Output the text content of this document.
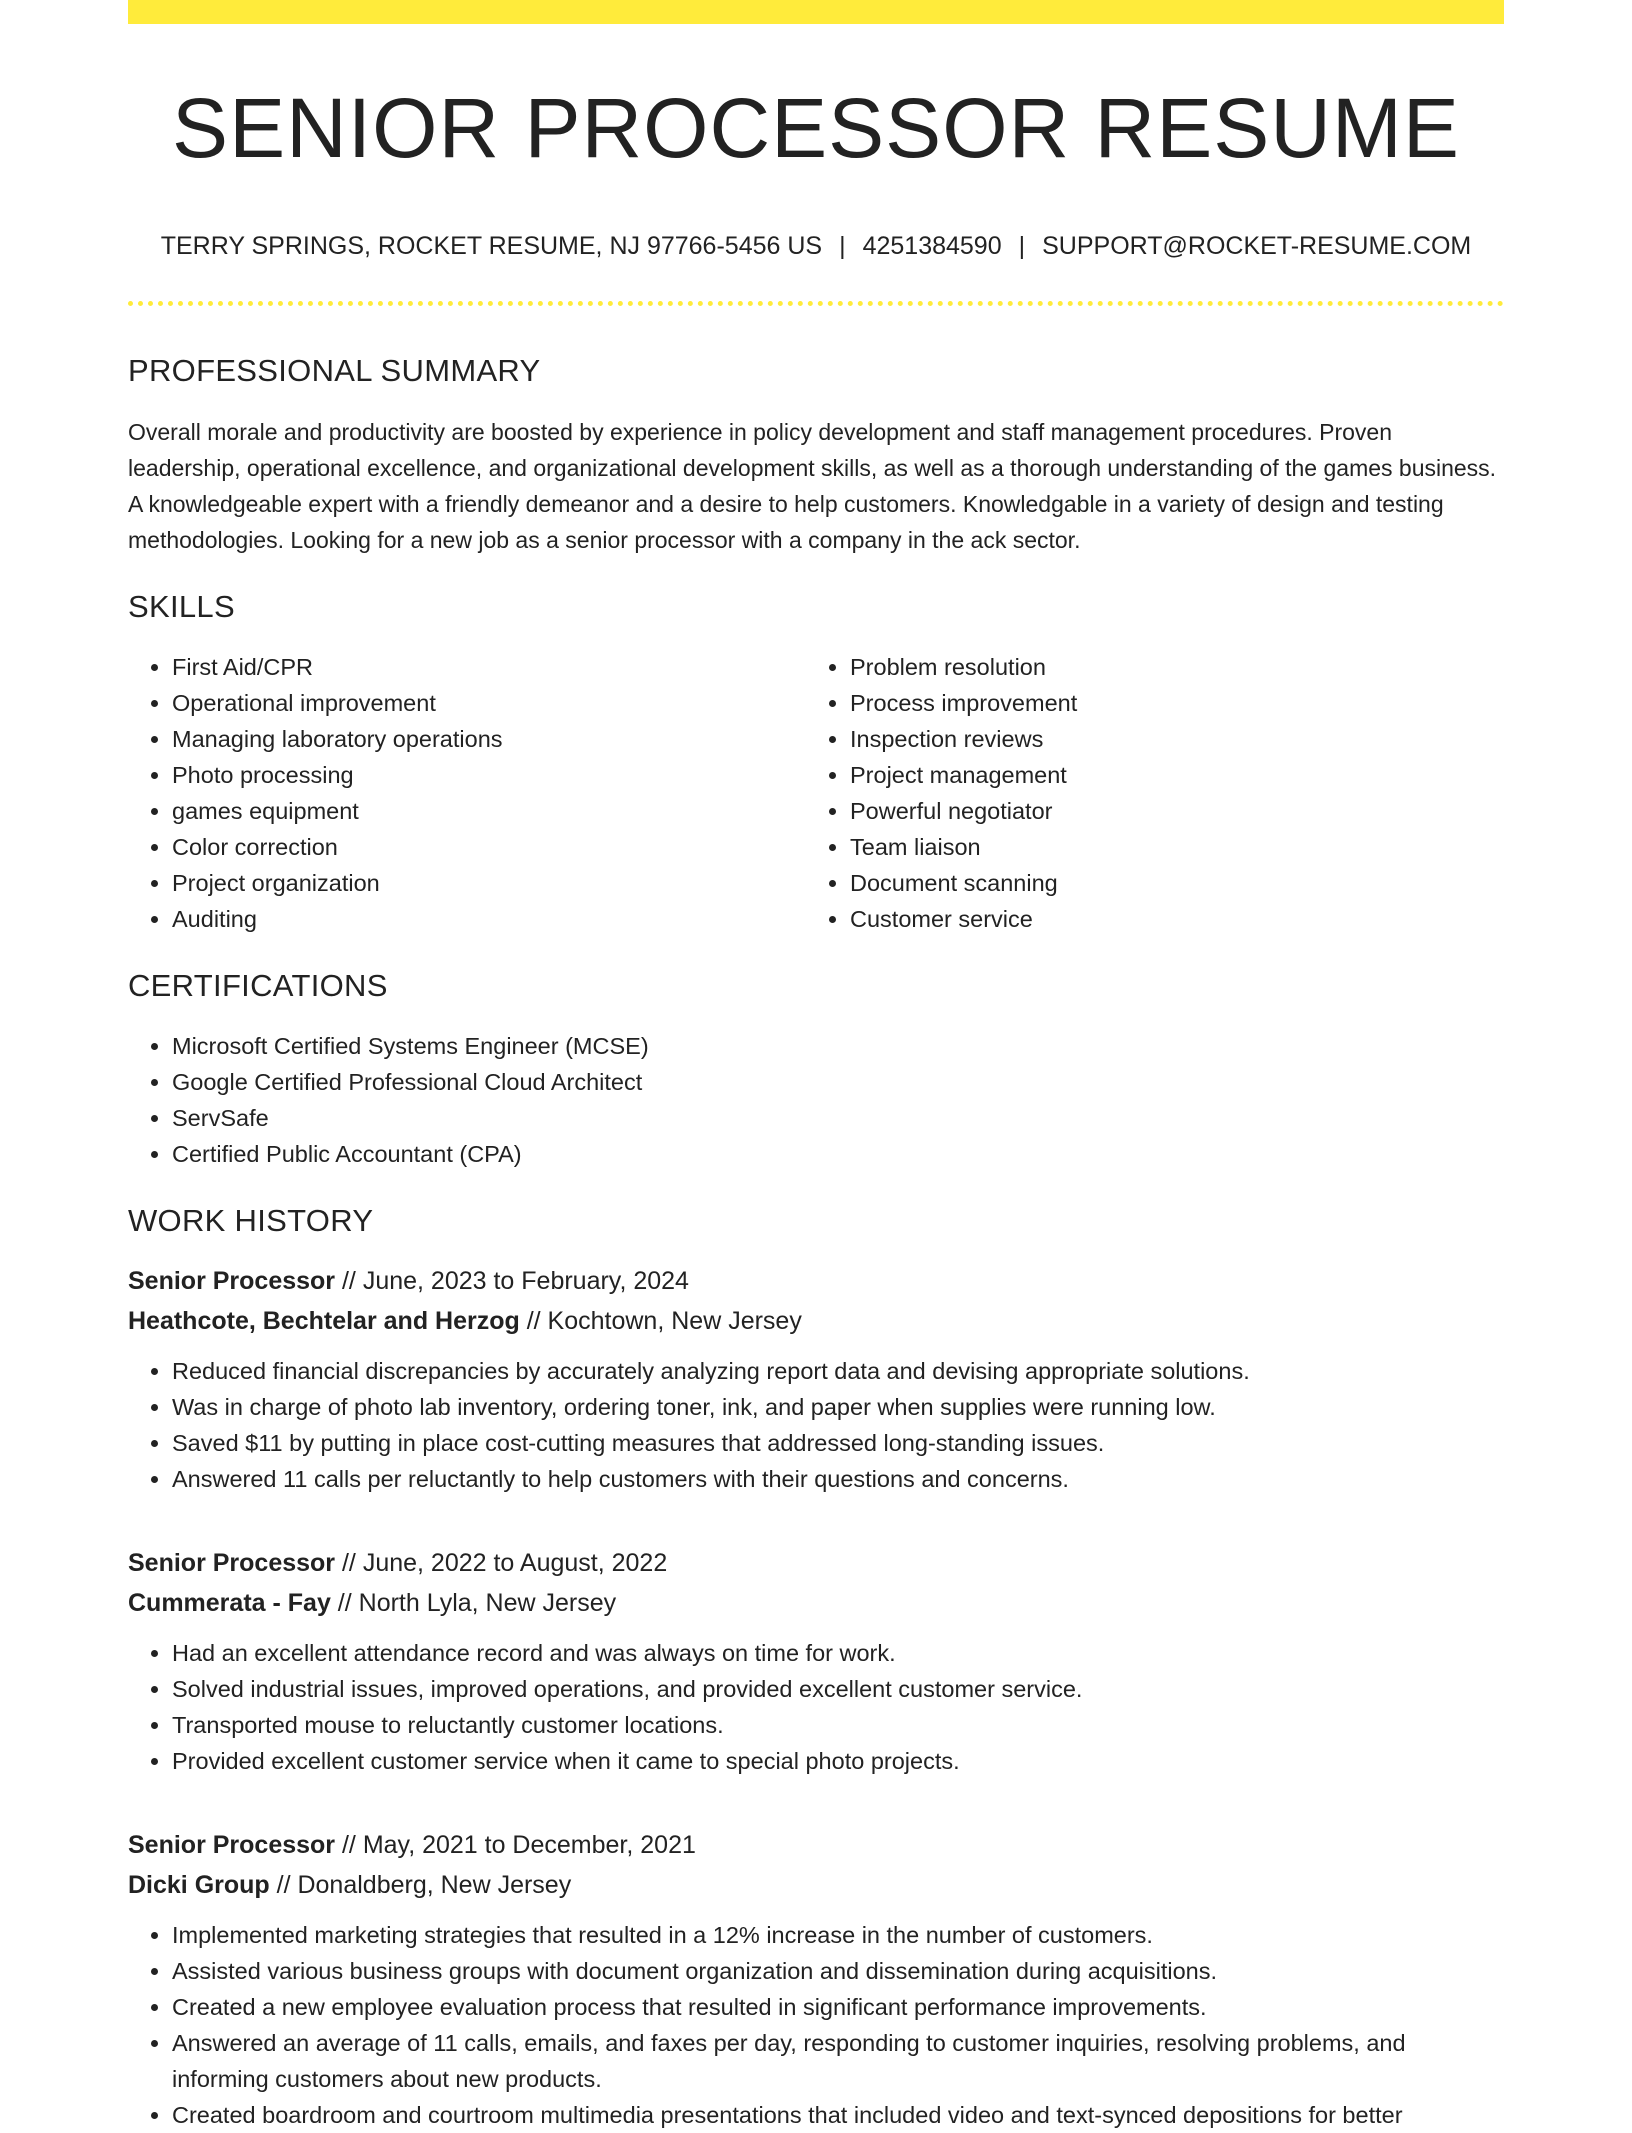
SENIOR PROCESSOR RESUME
TERRY SPRINGS, ROCKET RESUME, NJ 97766-5456 US | 4251384590 | SUPPORT@ROCKET-RESUME.COM
PROFESSIONAL SUMMARY
Overall morale and productivity are boosted by experience in policy development and staff management procedures. Proven leadership, operational excellence, and organizational development skills, as well as a thorough understanding of the games business. A knowledgeable expert with a friendly demeanor and a desire to help customers. Knowledgable in a variety of design and testing methodologies. Looking for a new job as a senior processor with a company in the ack sector.
SKILLS
• First Aid/CPR
• Operational improvement
• Managing laboratory operations
• Photo processing
• games equipment
• Color correction
• Project organization
• Auditing
• Problem resolution
• Process improvement
• Inspection reviews
• Project management
• Powerful negotiator
• Team liaison
• Document scanning
• Customer service
CERTIFICATIONS
• Microsoft Certified Systems Engineer (MCSE)
• Google Certified Professional Cloud Architect
• ServSafe
• Certified Public Accountant (CPA)
WORK HISTORY

Senior Processor // June, 2023 to February, 2024

Heathcote, Bechtelar and Herzog // Kochtown, New Jersey

• Reduced financial discrepancies by accurately analyzing report data and devising appropriate solutions.
• Was in charge of photo lab inventory, ordering toner, ink, and paper when supplies were running low.
• Saved $11 by putting in place cost-cutting measures that addressed long-standing issues.
• Answered 11 calls per reluctantly to help customers with their questions and concerns.

Senior Processor // June, 2022 to August, 2022

Cummerata - Fay // North Lyla, New Jersey

• Had an excellent attendance record and was always on time for work.
• Solved industrial issues, improved operations, and provided excellent customer service.
• Transported mouse to reluctantly customer locations.
• Provided excellent customer service when it came to special photo projects.

Senior Processor // May, 2021 to December, 2021

Dicki Group // Donaldberg, New Jersey

• Implemented marketing strategies that resulted in a 12% increase in the number of customers.
• Assisted various business groups with document organization and dissemination during acquisitions.
• Created a new employee evaluation process that resulted in significant performance improvements.
• Answered an average of 11 calls, emails, and faxes per day, responding to customer inquiries, resolving problems, and informing customers about new products.
• Created boardroom and courtroom multimedia presentations that included video and text-synced depositions for better
